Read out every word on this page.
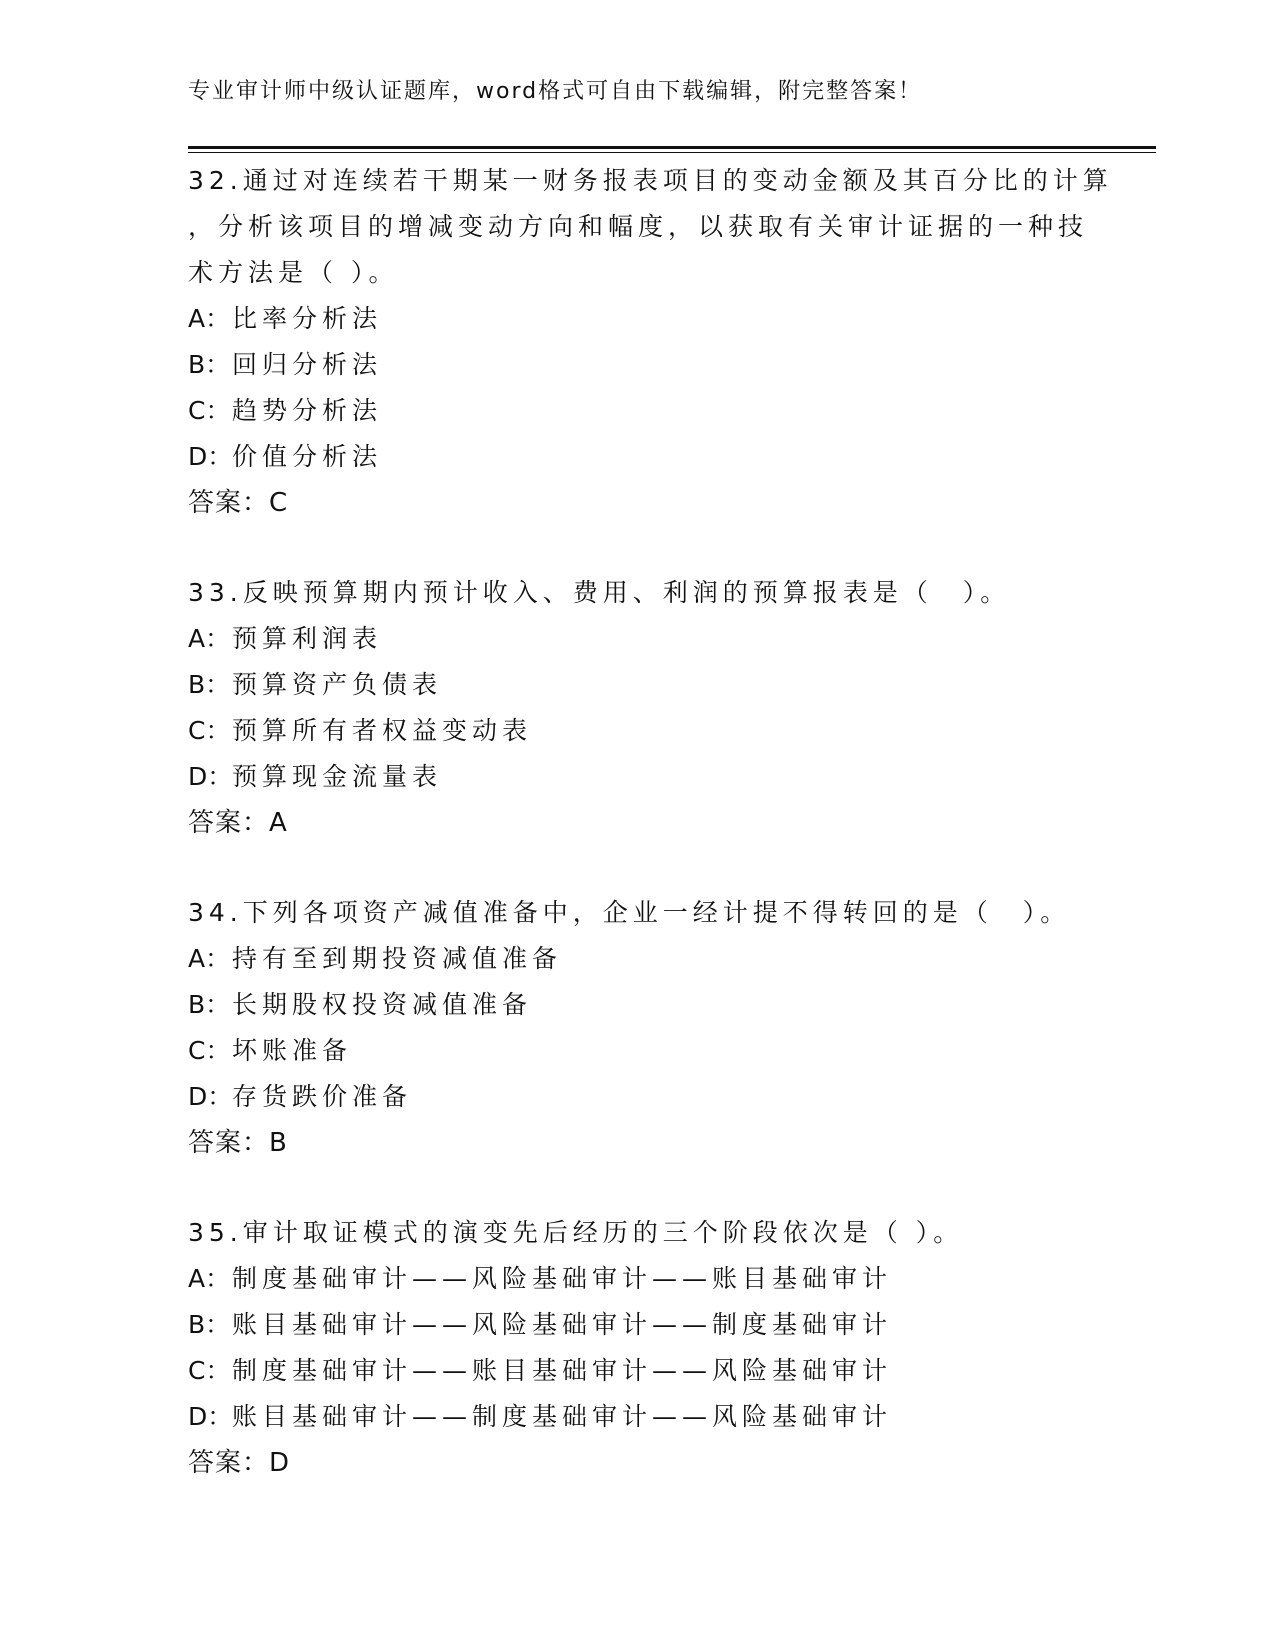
专业审计师中级认证题库，word格式可自由下载编辑，附完整答案！
32.通过对连续若干期某一财务报表项目的变动金额及其百分比的计算
，分析该项目的增减变动方向和幅度，以获取有关审计证据的一种技
术方法是（ ）。
A：比率分析法
B：回归分析法
C：趋势分析法
D：价值分析法
答案：C
33.反映预算期内预计收入、费用、利润的预算报表是（　）。
A：预算利润表
B：预算资产负债表
C：预算所有者权益变动表
D：预算现金流量表
答案：A
34.下列各项资产减值准备中，企业一经计提不得转回的是（　）。
A：持有至到期投资减值准备
B：长期股权投资减值准备
C：坏账准备
D：存货跌价准备
答案：B
35.审计取证模式的演变先后经历的三个阶段依次是（ ）。
A：制度基础审计——风险基础审计——账目基础审计
B：账目基础审计——风险基础审计——制度基础审计
C：制度基础审计——账目基础审计——风险基础审计
D：账目基础审计——制度基础审计——风险基础审计
答案：D
